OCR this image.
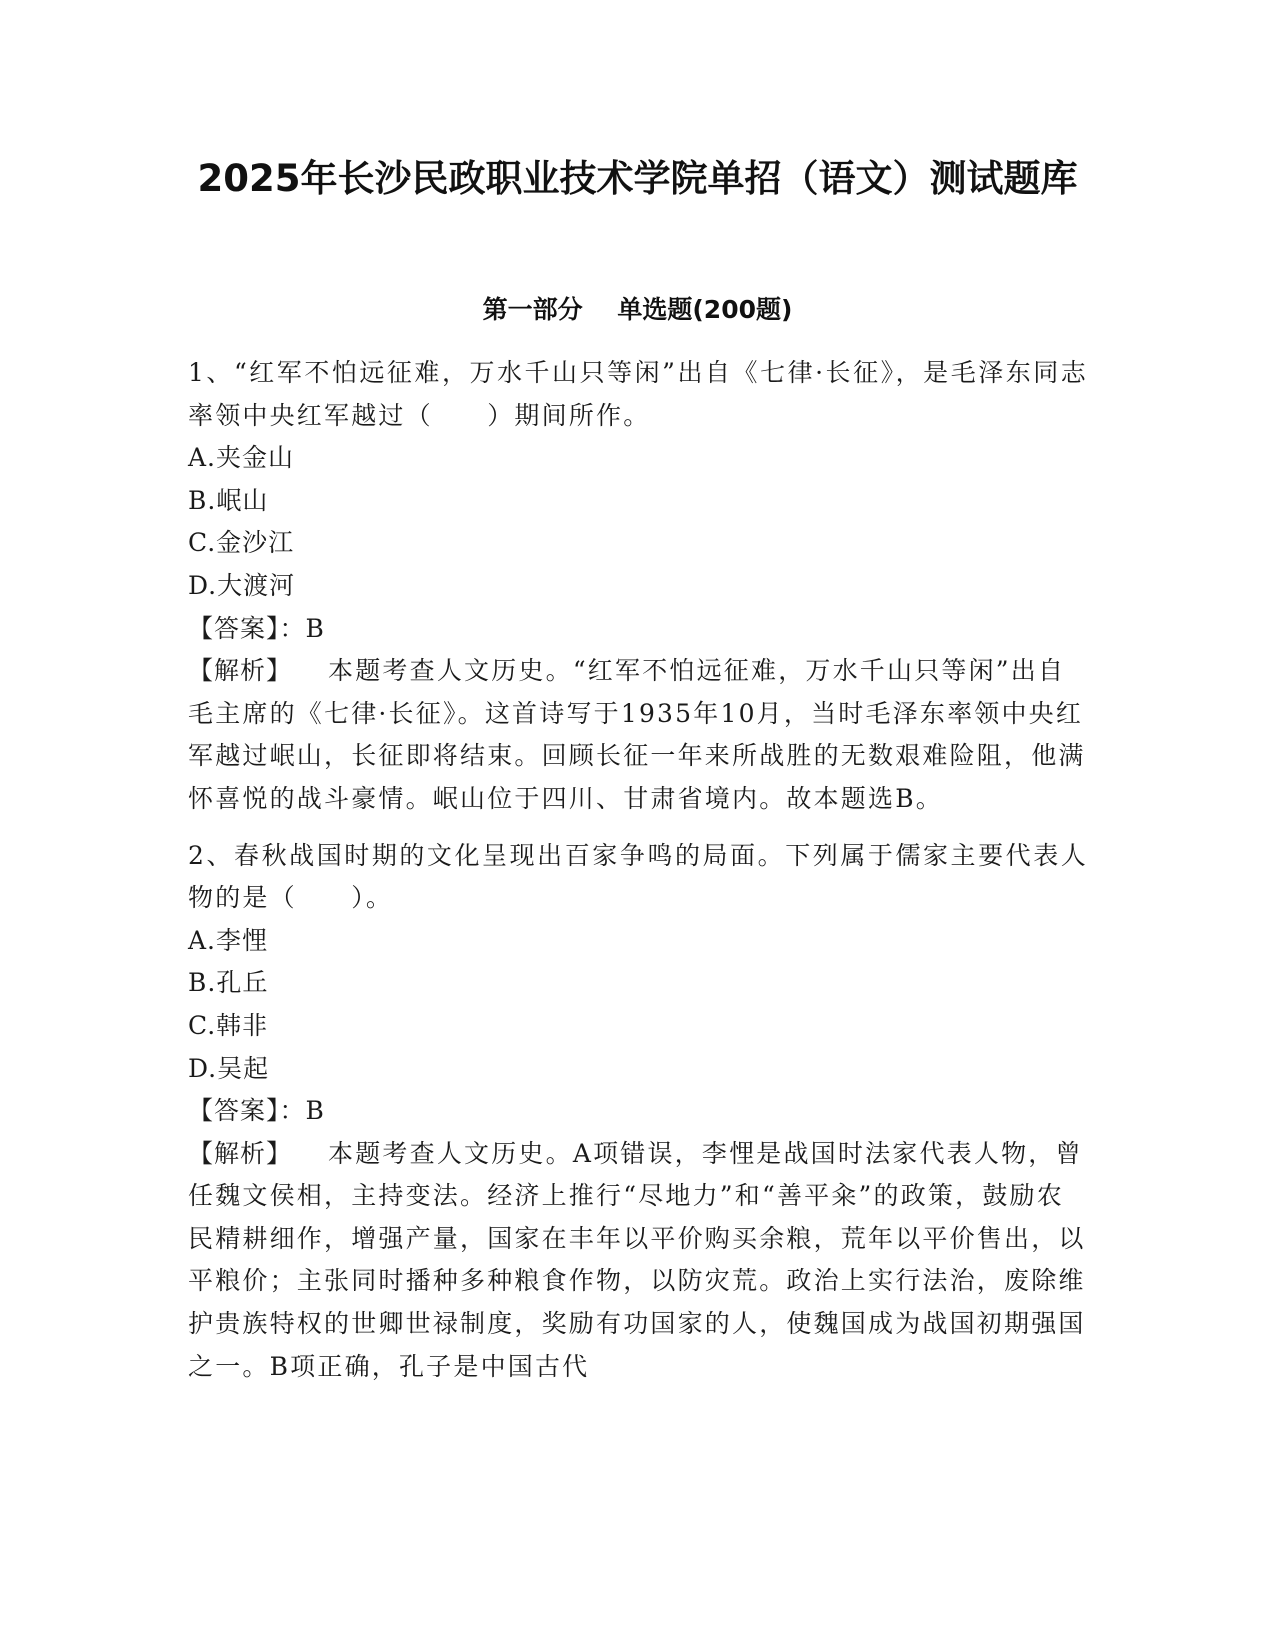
2025年长沙民政职业技术学院单招（语文）测试题库
第一部分    单选题(200题)

1、“红军不怕远征难，万水千山只等闲”出自《七律·长征》，是毛泽东同志率领中央红军越过（　　）期间所作。

A.夹金山

B.岷山

C.金沙江

D.大渡河

【答案】：B

【解析】 本题考查人文历史。“红军不怕远征难，万水千山只等闲”出自毛主席的《七律·长征》。这首诗写于1935年10月，当时毛泽东率领中央红军越过岷山，长征即将结束。回顾长征一年来所战胜的无数艰难险阻，他满怀喜悦的战斗豪情。岷山位于四川、甘肃省境内。故本题选B。

2、春秋战国时期的文化呈现出百家争鸣的局面。下列属于儒家主要代表人物的是（　　）。

A.李悝

B.孔丘

C.韩非

D.吴起

【答案】：B

【解析】 本题考查人文历史。A项错误，李悝是战国时法家代表人物，曾任魏文侯相，主持变法。经济上推行“尽地力”和“善平籴”的政策，鼓励农民精耕细作，增强产量，国家在丰年以平价购买余粮，荒年以平价售出，以平粮价；主张同时播种多种粮食作物，以防灾荒。政治上实行法治，废除维护贵族特权的世卿世禄制度，奖励有功国家的人，使魏国成为战国初期强国之一。B项正确，孔子是中国古代
